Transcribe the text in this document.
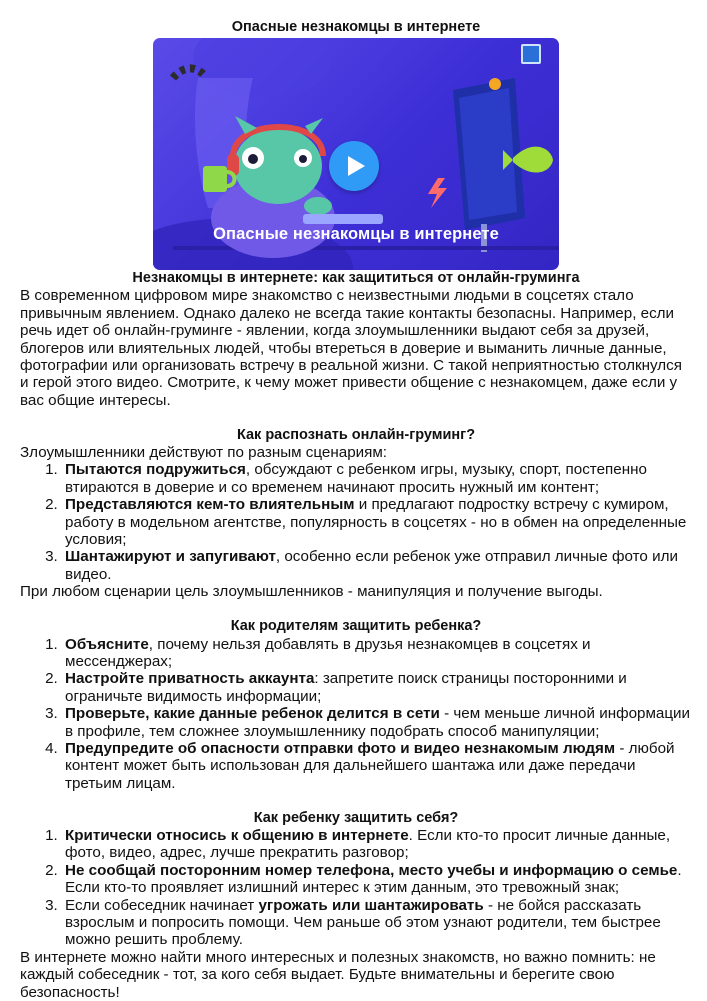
Опасные незнакомцы в интернете
Опасные незнакомцы в интернете
Незнакомцы в интернете: как защититься от онлайн-груминга

В современном цифровом мире знакомство с неизвестными людьми в соцсетях стало привычным явлением. Однако далеко не всегда такие контакты безопасны. Например, если речь идет об онлайн-груминге - явлении, когда злоумышленники выдают себя за друзей, блогеров или влиятельных людей, чтобы втереться в доверие и выманить личные данные, фотографии или организовать встречу в реальной жизни. С такой неприятностью столкнулся и герой этого видео. Смотрите, к чему может привести общение с незнакомцем, даже если у вас общие интересы.

Как распознать онлайн-груминг?

Злоумышленники действуют по разным сценариям:

1. Пытаются подружиться, обсуждают с ребенком игры, музыку, спорт, постепенно втираются в доверие и со временем начинают просить нужный им контент;
2. Представляются кем-то влиятельным и предлагают подростку встречу с кумиром, работу в модельном агентстве, популярность в соцсетях - но в обмен на определенные условия;
3. Шантажируют и запугивают, особенно если ребенок уже отправил личные фото или видео.

При любом сценарии цель злоумышленников - манипуляция и получение выгоды.

Как родителям защитить ребенка?
1. Объясните, почему нельзя добавлять в друзья незнакомцев в соцсетях и мессенджерах;
2. Настройте приватность аккаунта: запретите поиск страницы посторонними и ограничьте видимость информации;
3. Проверьте, какие данные ребенок делится в сети - чем меньше личной информации в профиле, тем сложнее злоумышленнику подобрать способ манипуляции;
4. Предупредите об опасности отправки фото и видео незнакомым людям - любой контент может быть использован для дальнейшего шантажа или даже передачи третьим лицам.
Как ребенку защитить себя?
1. Критически относись к общению в интернете. Если кто-то просит личные данные, фото, видео, адрес, лучше прекратить разговор;
2. Не сообщай посторонним номер телефона, место учебы и информацию о семье. Если кто-то проявляет излишний интерес к этим данным, это тревожный знак;
3. Если собеседник начинает угрожать или шантажировать - не бойся рассказать взрослым и попросить помощи. Чем раньше об этом узнают родители, тем быстрее можно решить проблему.

В интернете можно найти много интересных и полезных знакомств, но важно помнить: не каждый собеседник - тот, за кого себя выдает. Будьте внимательны и берегите свою безопасность!
